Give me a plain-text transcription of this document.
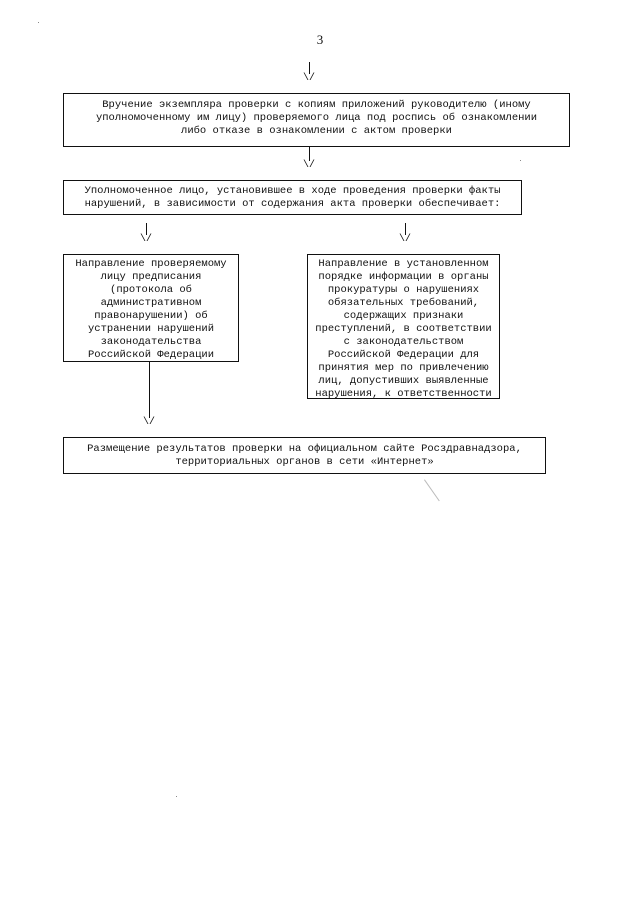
3
\/
Вручение экземпляра проверки с копиям приложений руководителю (иному
уполномоченному им лицу) проверяемого лица под роспись об ознакомлении
либо отказе в ознакомлении с актом проверки
\/
Уполномоченное лицо, установившее в ходе проведения проверки факты
нарушений, в зависимости от содержания акта проверки обеспечивает:
\/	\/
Направление проверяемому
лицу предписания
(протокола об
административном
правонарушении) об
устранении нарушений
законодательства
Российской Федерации
Направление в установленном
порядке информации в органы
прокуратуры о нарушениях
обязательных требований,
содержащих признаки
преступлений, в соответствии
с законодательством
Российской Федерации для
принятия мер по привлечению
лиц, допустивших выявленные
нарушения, к ответственности
\/
Размещение результатов проверки на официальном сайте Росздравнадзора,
территориальных органов в сети «Интернет»
